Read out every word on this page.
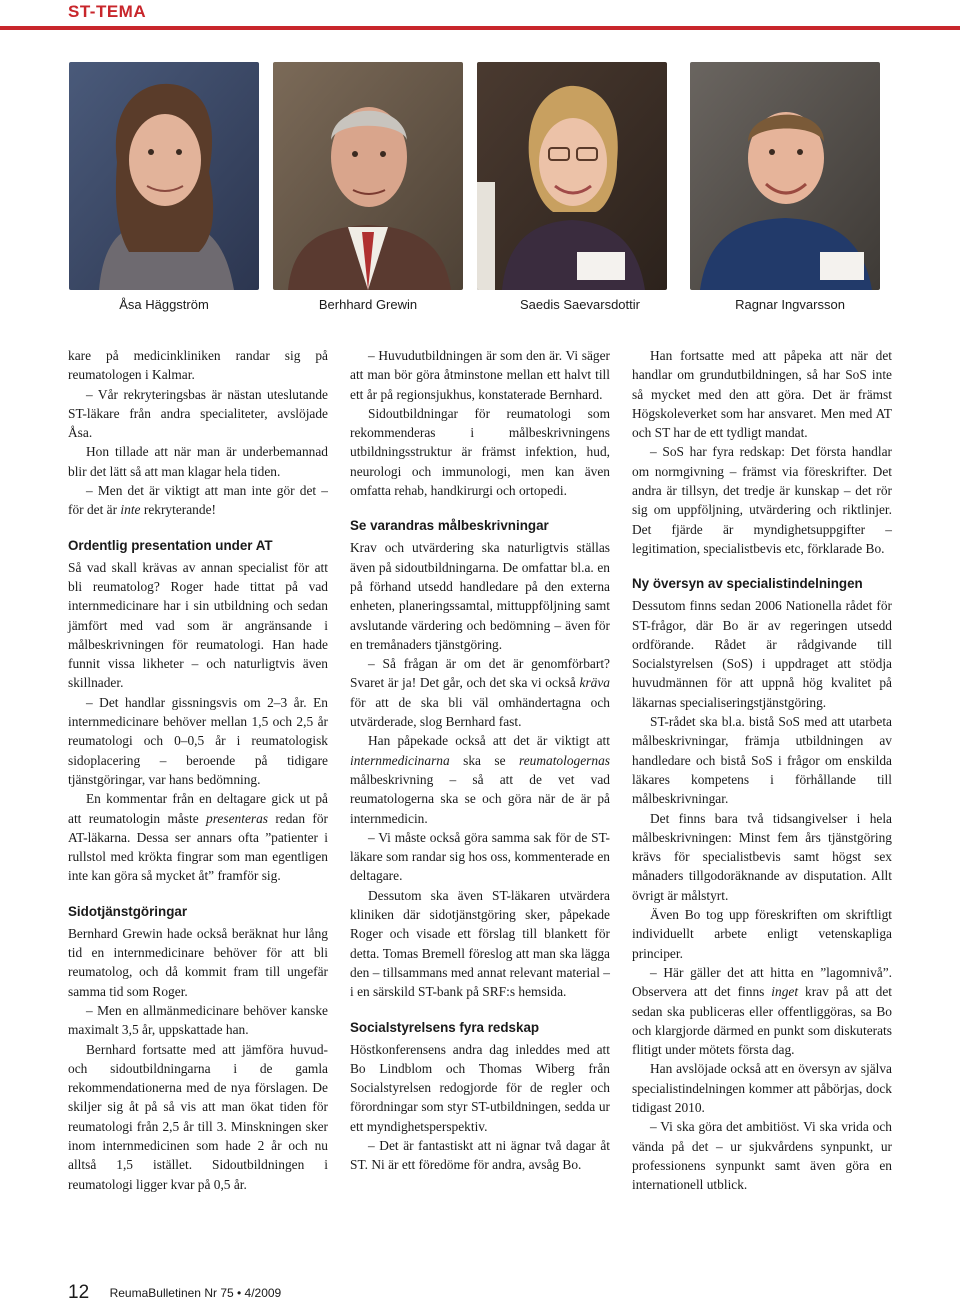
ST-TEMA
Åsa Häggström	Berhhard Grewin	Saedis Saevarsdottir	Ragnar Ingvarsson

kare på medicinkliniken randar sig på reumatologen i Kalmar.

– Vår rekryteringsbas är nästan uteslutande ST-läkare från andra specialiteter, avslöjade Åsa.

Hon tillade att när man är underbemannad blir det lätt så att man klagar hela tiden.

– Men det är viktigt att man inte gör det – för det är inte rekryterande!

Ordentlig presentation under AT

Så vad skall krävas av annan specialist för att bli reumatolog? Roger hade tittat på vad internmedicinare har i sin utbildning och sedan jämfört med vad som är angränsande i målbeskrivningen för reumatologi. Han hade funnit vissa likheter – och naturligtvis även skillnader.

– Det handlar gissningsvis om 2–3 år. En internmedicinare behöver mellan 1,5 och 2,5 år reumatologi och 0–0,5 år i reumatologisk sidoplacering – beroende på tidigare tjänstgöringar, var hans bedömning.

En kommentar från en deltagare gick ut på att reumatologin måste presenteras redan för AT-läkarna. Dessa ser annars ofta ”patienter i rullstol med krökta fingrar som man egentligen inte kan göra så mycket åt” framför sig.

Sidotjänstgöringar

Bernhard Grewin hade också beräknat hur lång tid en internmedicinare behöver för att bli reumatolog, och då kommit fram till ungefär samma tid som Roger.

– Men en allmänmedicinare behöver kanske maximalt 3,5 år, uppskattade han.

Bernhard fortsatte med att jämföra huvud- och sidoutbildningarna i de gamla rekommendationerna med de nya förslagen. De skiljer sig åt på så vis att man ökat tiden för reumatologi från 2,5 år till 3. Minskningen sker inom internmedicinen som hade 2 år och nu alltså 1,5 istället. Sidoutbildningen i reumatologi ligger kvar på 0,5 år.

– Huvudutbildningen är som den är. Vi säger att man bör göra åtminstone mellan ett halvt till ett år på regionsjukhus, konstaterade Bernhard.

Sidoutbildningar för reumatologi som rekommenderas i målbeskrivningens utbildningsstruktur är främst infektion, hud, neurologi och immunologi, men kan även omfatta rehab, handkirurgi och ortopedi.

Se varandras målbeskrivningar

Krav och utvärdering ska naturligtvis ställas även på sidoutbildningarna. De omfattar bl.a. en på förhand utsedd handledare på den externa enheten, planeringssamtal, mittuppföljning samt avslutande värdering och bedömning – även för en tremånaders tjänstgöring.

– Så frågan är om det är genomförbart? Svaret är ja! Det går, och det ska vi också kräva för att de ska bli väl omhändertagna och utvärderade, slog Bernhard fast.

Han påpekade också att det är viktigt att internmedicinarna ska se reumatologernas målbeskrivning – så att de vet vad reumatologerna ska se och göra när de är på internmedicin.

– Vi måste också göra samma sak för de ST-läkare som randar sig hos oss, kommenterade en deltagare.

Dessutom ska även ST-läkaren utvärdera kliniken där sidotjänstgöring sker, påpekade Roger och visade ett förslag till blankett för detta. Tomas Bremell föreslog att man ska lägga den – tillsammans med annat relevant material – i en särskild ST-bank på SRF:s hemsida.

Socialstyrelsens fyra redskap

Höstkonferensens andra dag inleddes med att Bo Lindblom och Thomas Wiberg från Socialstyrelsen redogjorde för de regler och förordningar som styr ST-utbildningen, sedda ur ett myndighetsperspektiv.

– Det är fantastiskt att ni ägnar två dagar åt ST. Ni är ett föredöme för andra, avsåg Bo.

Han fortsatte med att påpeka att när det handlar om grundutbildningen, så har SoS inte så mycket med den att göra. Det är främst Högskoleverket som har ansvaret. Men med AT och ST har de ett tydligt mandat.

– SoS har fyra redskap: Det första handlar om normgivning – främst via föreskrifter. Det andra är tillsyn, det tredje är kunskap – det rör sig om uppföljning, utvärdering och riktlinjer. Det fjärde är myndighetsuppgifter – legitimation, specialistbevis etc, förklarade Bo.

Ny översyn av specialistindelningen

Dessutom finns sedan 2006 Nationella rådet för ST-frågor, där Bo är av regeringen utsedd ordförande. Rådet är rådgivande till Socialstyrelsen (SoS) i uppdraget att stödja huvudmännen för att uppnå hög kvalitet på läkarnas specialiseringstjänstgöring.

ST-rådet ska bl.a. bistå SoS med att utarbeta målbeskrivningar, främja utbildningen av handledare och bistå SoS i frågor om enskilda läkares kompetens i förhållande till målbeskrivningar.

Det finns bara två tidsangivelser i hela målbeskrivningen: Minst fem års tjänstgöring krävs för specialistbevis samt högst sex månaders tillgodoräknande av disputation. Allt övrigt är målstyrt.

Även Bo tog upp föreskriften om skriftligt individuellt arbete enligt vetenskapliga principer.

– Här gäller det att hitta en ”lagomnivå”. Observera att det finns inget krav på att det sedan ska publiceras eller offentliggöras, sa Bo och klargjorde därmed en punkt som diskuterats flitigt under mötets första dag.

Han avslöjade också att en översyn av själva specialistindelningen kommer att påbörjas, dock tidigast 2010.

– Vi ska göra det ambitiöst. Vi ska vrida och vända på det – ur sjukvårdens synpunkt, ur professionens synpunkt samt även göra en internationell utblick.

12 ReumaBulletinen Nr 75 • 4/2009
